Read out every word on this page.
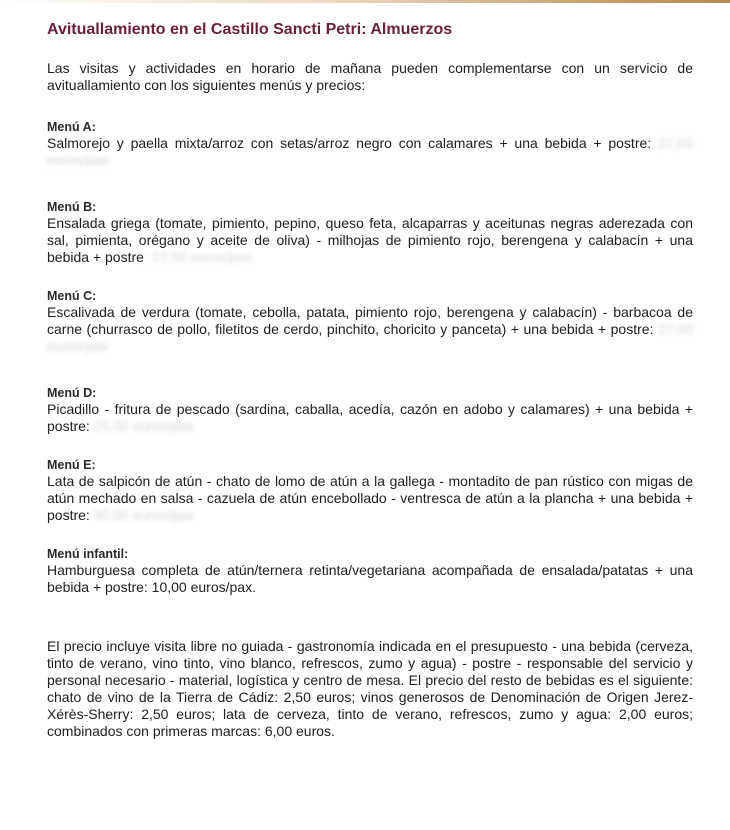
Avituallamiento en el Castillo Sancti Petri: Almuerzos

Las visitas y actividades en horario de mañana pueden complementarse con un servicio de avituallamiento con los siguientes menús y precios:

Menú A:

Salmorejo y paella mixta/arroz con setas/arroz negro con calamares + una bebida + postre: 27,00 euros/pax

Menú B:

Ensalada griega (tomate, pimiento, pepino, queso feta, alcaparras y aceitunas negras aderezada con sal, pimienta, orégano y aceite de oliva) - milhojas de pimiento rojo, berengena y calabacín + una bebida + postre: 27,00 euros/pax

Menú C:

Escalivada de verdura (tomate, cebolla, patata, pimiento rojo, berengena y calabacín) - barbacoa de carne (churrasco de pollo, filetitos de cerdo, pinchito, choricito y panceta) + una bebida + postre: 27,00 euros/pax

Menú D:

Picadillo - fritura de pescado (sardina, caballa, acedía, cazón en adobo y calamares) + una bebida + postre: 25,00 euros/pax

Menú E:

Lata de salpicón de atún - chato de lomo de atún a la gallega - montadito de pan rústico con migas de atún mechado en salsa - cazuela de atún encebollado - ventresca de atún a la plancha + una bebida + postre: 30,00 euros/pax

Menú infantil:

Hamburguesa completa de atún/ternera retinta/vegetariana acompañada de ensalada/patatas + una bebida + postre: 10,00 euros/pax.

El precio incluye visita libre no guiada - gastronomía indicada en el presupuesto - una bebida (cerveza, tinto de verano, vino tinto, vino blanco, refrescos, zumo y agua) - postre - responsable del servicio y personal necesario - material, logística y centro de mesa. El precio del resto de bebidas es el siguiente: chato de vino de la Tierra de Cádiz: 2,50 euros; vinos generosos de Denominación de Origen Jerez-Xérès-Sherry: 2,50 euros; lata de cerveza, tinto de verano, refrescos, zumo y agua: 2,00 euros; combinados con primeras marcas: 6,00 euros.
